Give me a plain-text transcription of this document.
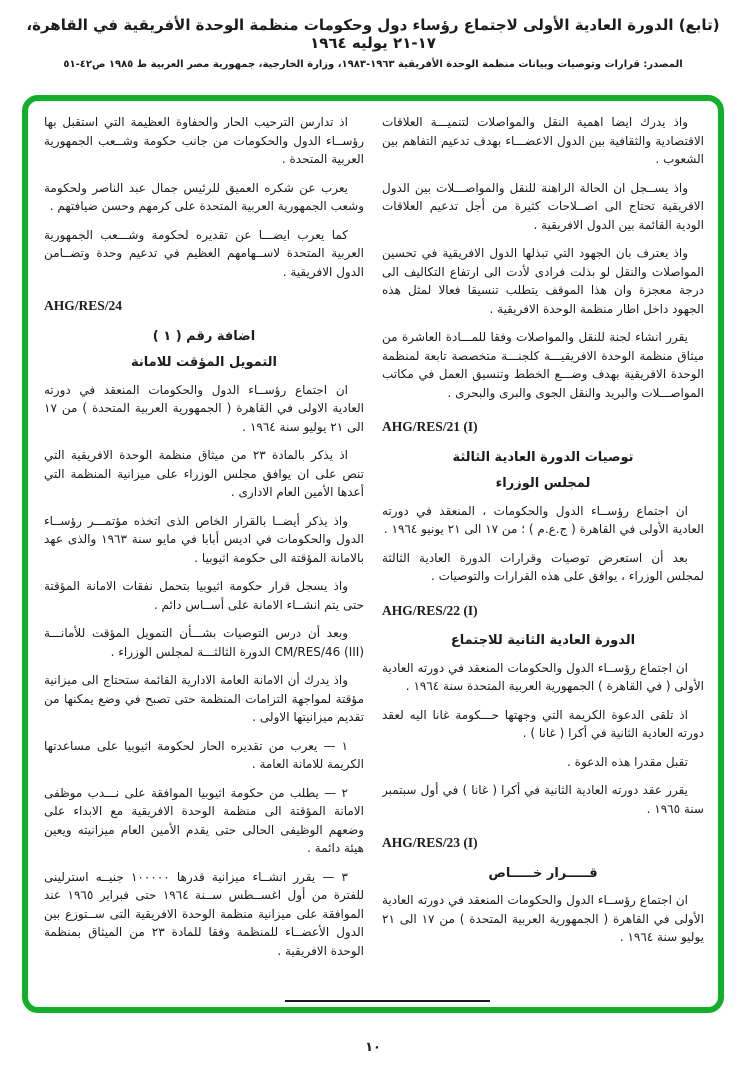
(تابع) الدورة العادية الأولى لاجتماع رؤساء دول وحكومات منظمة الوحدة الأفريقية في القاهرة، ١٧-٢١ يوليه ١٩٦٤
المصدر: قرارات وتوصيات وبيانات منظمة الوحدة الأفريقية ١٩٦٣-١٩٨٣، وزارة الخارجية، جمهورية مصر العربية ط ١٩٨٥ ص٤٢-٥١
اذ تدارس الترحيب الحار والحفاوة العظيمة التي استقبل بها رؤســاء الدول والحكومات من جانب حكومة وشــعب الجمهورية العربية المتحدة .
يعرب عن شكره العميق للرئيس جمال عبد الناصر ولحكومة وشعب الجمهورية العربية المتحدة على كرمهم وحسن ضيافتهم .
كما يعرب ايضـــا عن تقديره لحكومة وشـــعب الجمهورية العربية المتحدة لاســهامهم العظيم في تدعيم وحدة وتضــامن الدول الافريقية .
AHG/RES/24
اضافة رقم ( ١ )
التمويل المؤقت للامانة
ان اجتماع رؤســاء الدول والحكومات المنعقد في دورته العادية الاولى في القاهرة ( الجمهورية العربية المتحدة ) من ١٧ الى ٢١ يوليو سنة ١٩٦٤ .
اذ يذكر بالمادة ٢٣ من ميثاق منظمة الوحدة الافريقية التي تنص على ان يوافق مجلس الوزراء على ميزانية المنظمة التي أعدها الأمين العام الادارى .
واذ يذكر أيضــا بالقرار الخاص الذى اتخذه مؤتمـــر رؤســاء الدول والحكومات في اديس أبابا في مايو سنة ١٩٦٣ والذى عهد بالامانة المؤقتة الى حكومة اثيوبيا .
واذ يسجل قرار حكومة اثيوبيا بتحمل نفقات الامانة المؤقتة حتى يتم انشــاء الامانة على أســاس دائم .
وبعد أن درس التوصيات بشـــأن التمويل المؤقت للأمانـــة CM/RES/46 (III) الدورة الثالثـــة لمجلس الوزراء .
واذ يدرك أن الامانة العامة الادارية القائمة ستحتاج الى ميزانية مؤقتة لمواجهة التزامات المنظمة حتى تصبح في وضع يمكنها من تقديم ميزانيتها الاولى .
١ — يعرب من تقديره الحار لحكومة اثيوبيا على مساعدتها الكريمة للامانة العامة .
٢ — يطلب من حكومة اثيوبيا الموافقة على نـــدب موظفى الامانة المؤقتة الى منظمة الوحدة الافريقية مع الابداء على وضعهم الوظيفى الحالى حتى يقدم الأمين العام ميزانيته ويعين هيئة دائمة .
٣ — يقرر انشــاء ميزانية قدرها ١٠٠٠٠٠ جنيــه استرلينى للفترة من أول اغســطس ســنة ١٩٦٤ حتى فبراير ١٩٦٥ عند الموافقة على ميزانية منظمة الوحدة الافريقية التى ســتوزع بين الدول الأعضــاء للمنظمة وفقا للمادة ٢٣ من الميثاق بمنظمة الوحدة الافريقية .
واذ يدرك ايضا اهمية النقل والمواصلات لتنميـــة العلاقات الاقتصادية والثقافية بين الدول الاعضـــاء بهدف تدعيم التفاهم بين الشعوب .
واذ يســجل ان الحالة الراهنة للنقل والمواصـــلات بين الدول الافريقية تحتاج الى اصــلاحات كثيرة من أجل تدعيم العلاقات الودية القائمة بين الدول الافريقية .
واذ يعترف بان الجهود التي تبذلها الدول الافريقية في تحسين المواصلات والنقل لو بذلت فرادى لأدت الى ارتفاع التكاليف الى درجة معجزة وان هذا الموقف يتطلب تنسيقا فعالا لمثل هذه الجهود داخل اطار منظمة الوحدة الافريقية .
يقرر انشاء لجنة للنقل والمواصلات وفقا للمـــادة العاشرة من ميثاق منظمة الوحدة الافريقيـــة كلجنـــة متخصصة تابعة لمنظمة الوحدة الافريقية بهدف وضـــع الخطط وتنسيق العمل في مكاتب المواصـــلات والبريد والنقل الجوى والبرى والبحرى .
AHG/RES/21 (I)
توصيات الدورة العادية الثالثة
لمجلس الوزراء
ان اجتماع رؤســاء الدول والحكومات ، المنعقد في دورته العادية الأولى في القاهرة ( ج.ع.م ) ؛ من ١٧ الى ٢١ يونيو ١٩٦٤ .
بعد أن استعرض توصيات وقرارات الدورة العادية الثالثة لمجلس الوزراء ، يوافق على هذه القرارات والتوصيات .
AHG/RES/22 (I)
الدورة العادية الثانية للاجتماع
ان اجتماع رؤســاء الدول والحكومات المنعقد في دورته العادية الأولى ( في القاهرة ) الجمهورية العربية المتحدة سنة ١٩٦٤ .
اذ تلقى الدعوة الكريمة التي وجهتها حـــكومة غانا اليه لعقد دورته العادية الثانية في أكرا ( غانا ) .
تقبل مقدرا هذه الدعوة .
يقرر عقد دورته العادية الثانية في أكرا ( غانا ) في أول سبتمبر سنة ١٩٦٥ .
AHG/RES/23 (I)
قـــــرار خـــــاص
ان اجتماع رؤســاء الدول والحكومات المنعقد في دورته العادية الأولى في القاهرة ( الجمهورية العربية المتحدة ) من ١٧ الى ٢١ يوليو سنة ١٩٦٤ .
١٠
